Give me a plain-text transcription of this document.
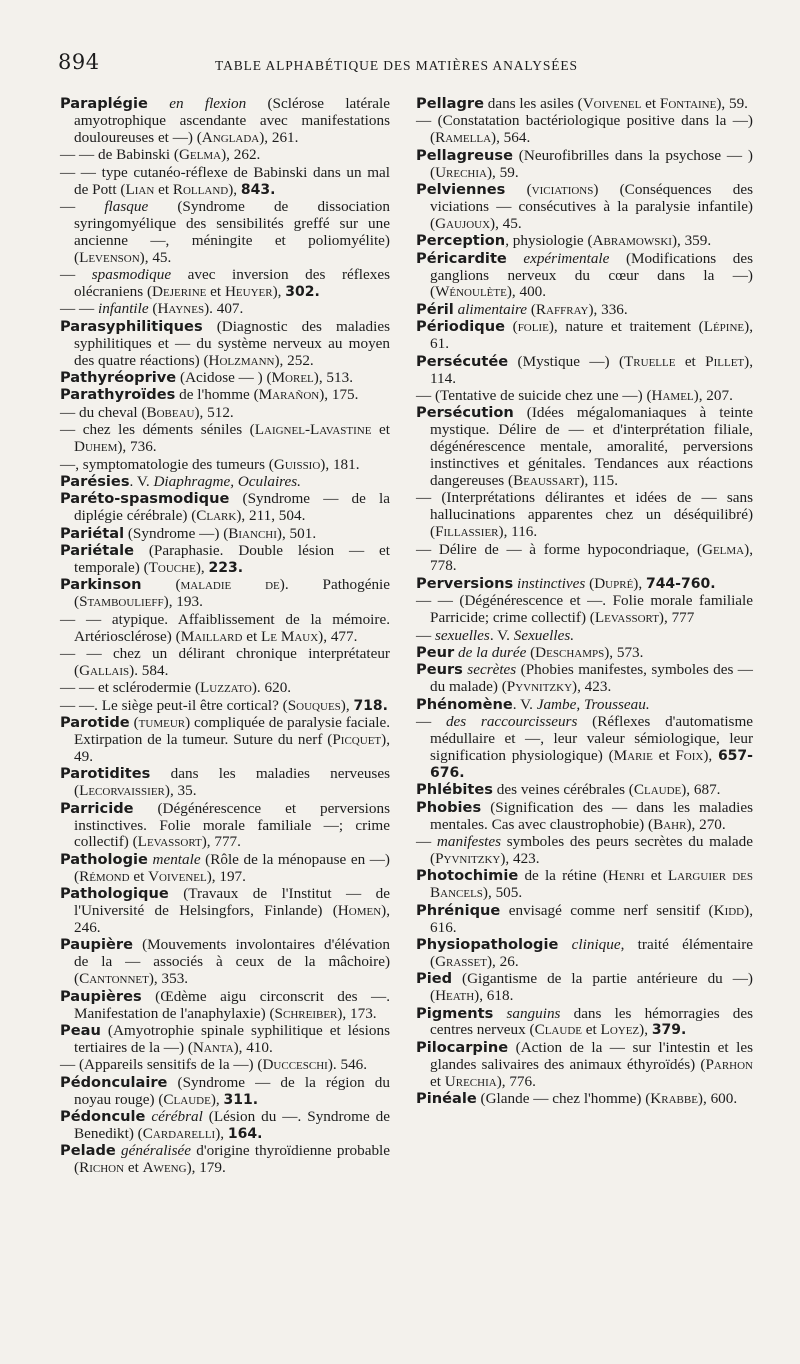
894	TABLE ALPHABÉTIQUE DES MATIÈRES ANALYSÉES
Paraplégie en flexion (Sclérose latérale amyotrophique ascendante avec manifestations douloureuses et —) (Anglada), 261.
— — de Babinski (Gelma), 262.
— — type cutanéo-réflexe de Babinski dans un mal de Pott (Lian et Rolland), 843.
— flasque (Syndrome de dissociation syringomyélique des sensibilités greffé sur une ancienne —, méningite et poliomyélite) (Levenson), 45.
— spasmodique avec inversion des réflexes olécraniens (Dejerine et Heuyer), 302.
— — infantile (Haynes). 407.
Parasyphilitiques (Diagnostic des maladies syphilitiques et — du système nerveux au moyen des quatre réactions) (Holzmann), 252.
Pathyréoprive (Acidose — ) (Morel), 513.
Parathyroïdes de l'homme (Marañon), 175.
— du cheval (Bobeau), 512.
— chez les déments séniles (Laignel-Lavastine et Duhem), 736.
—, symptomatologie des tumeurs (Guissio), 181.
Parésies. V. Diaphragme, Oculaires.
Paréto-spasmodique (Syndrome — de la diplégie cérébrale) (Clark), 211, 504.
Pariétal (Syndrome —) (Bianchi), 501.
Pariétale (Paraphasie. Double lésion — et temporale) (Touche), 223.
Parkinson (maladie de). Pathogénie (Stamboulieff), 193.
— — atypique. Affaiblissement de la mémoire. Artériosclérose) (Maillard et Le Maux), 477.
— — chez un délirant chronique interprétateur (Gallais). 584.
— — et sclérodermie (Luzzato). 620.
— —. Le siège peut-il être cortical? (Souques), 718.
Parotide (tumeur) compliquée de paralysie faciale. Extirpation de la tumeur. Suture du nerf (Picquet), 49.
Parotidites dans les maladies nerveuses (Lecorvaissier), 35.
Parricide (Dégénérescence et perversions instinctives. Folie morale familiale —; crime collectif) (Levassort), 777.
Pathologie mentale (Rôle de la ménopause en —) (Rémond et Voivenel), 197.
Pathologique (Travaux de l'Institut — de l'Université de Helsingfors, Finlande) (Homen), 246.
Paupière (Mouvements involontaires d'élévation de la — associés à ceux de la mâchoire) (Cantonnet), 353.
Paupières (Œdème aigu circonscrit des —. Manifestation de l'anaphylaxie) (Schreiber), 173.
Peau (Amyotrophie spinale syphilitique et lésions tertiaires de la —) (Nanta), 410.
— (Appareils sensitifs de la —) (Ducceschi). 546.
Pédonculaire (Syndrome — de la région du noyau rouge) (Claude), 311.
Pédoncule cérébral (Lésion du —. Syndrome de Benedikt) (Cardarelli), 164.
Pelade généralisée d'origine thyroïdienne probable (Richon et Aweng), 179.
Pellagre dans les asiles (Voivenel et Fontaine), 59.
— (Constatation bactériologique positive dans la —) (Ramella), 564.
Pellagreuse (Neurofibrilles dans la psychose — ) (Urechia), 59.
Pelviennes (viciations) (Conséquences des viciations — consécutives à la paralysie infantile) (Gaujoux), 45.
Perception, physiologie (Abramowski), 359.
Péricardite expérimentale (Modifications des ganglions nerveux du cœur dans la —) (Wénoulète), 400.
Péril alimentaire (Raffray), 336.
Périodique (folie), nature et traitement (Lépine), 61.
Persécutée (Mystique —) (Truelle et Pillet), 114.
— (Tentative de suicide chez une —) (Hamel), 207.
Persécution (Idées mégalomaniaques à teinte mystique. Délire de — et d'interprétation filiale, dégénérescence mentale, amoralité, perversions instinctives et génitales. Tendances aux réactions dangereuses (Beaussart), 115.
— (Interprétations délirantes et idées de — sans hallucinations apparentes chez un déséquilibré) (Fillassier), 116.
— Délire de — à forme hypocondriaque, (Gelma), 778.
Perversions instinctives (Dupré), 744-760.
— — (Dégénérescence et —. Folie morale familiale Parricide; crime collectif) (Levassort), 777
— sexuelles. V. Sexuelles.
Peur de la durée (Deschamps), 573.
Peurs secrètes (Phobies manifestes, symboles des — du malade) (Pyvnitzky), 423.
Phénomène. V. Jambe, Trousseau.
— des raccourcisseurs (Réflexes d'automatisme médullaire et —, leur valeur sémiologique, leur signification physiologique) (Marie et Foix), 657-676.
Phlébites des veines cérébrales (Claude), 687.
Phobies (Signification des — dans les maladies mentales. Cas avec claustrophobie) (Bahr), 270.
— manifestes symboles des peurs secrètes du malade (Pyvnitzky), 423.
Photochimie de la rétine (Henri et Larguier des Bancels), 505.
Phrénique envisagé comme nerf sensitif (Kidd), 616.
Physiopathologie clinique, traité élémentaire (Grasset), 26.
Pied (Gigantisme de la partie antérieure du —) (Heath), 618.
Pigments sanguins dans les hémorragies des centres nerveux (Claude et Loyez), 379.
Pilocarpine (Action de la — sur l'intestin et les glandes salivaires des animaux éthyroïdés) (Parhon et Urechia), 776.
Pinéale (Glande — chez l'homme) (Krabbe), 600.
